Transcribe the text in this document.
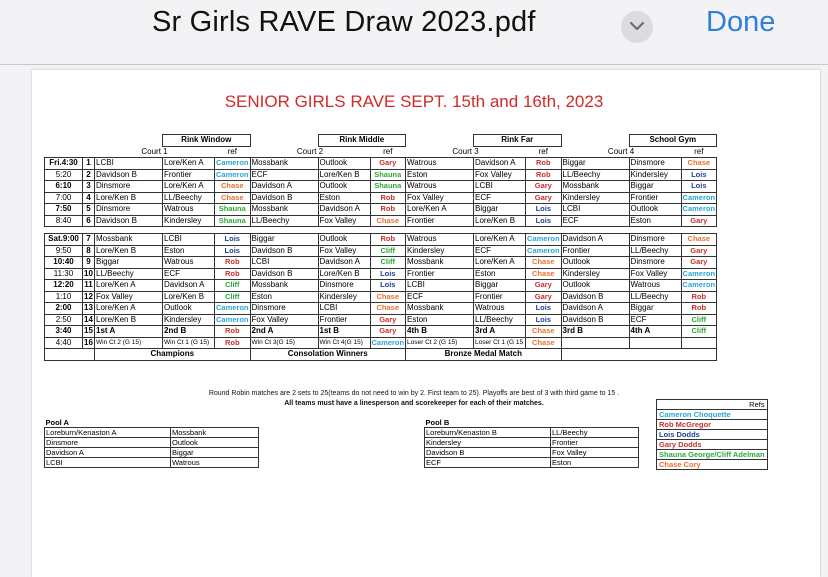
Sr Girls RAVE Draw 2023.pdf	Done
SENIOR GIRLS RAVE SEPT. 15th and 16th, 2023
			Rink Window			Rink Middle			Rink Far			School Gym		
		Court 1		ref	Court 2		ref	Court 3		ref	Court 4		ref	
Fri.4:30	1	LCBI	Lore/Ken A	Cameron	Mossbank	Outlook	Gary	Watrous	Davidson A	Rob	Biggar	Dinsmore	Chase	
5:20	2	Davidson B	Frontier	Cameron	ECF	Lore/Ken B	Shauna	Eston	Fox Valley	Rob	LL/Beechy	Kindersley	Lois	
6:10	3	Dinsmore	Lore/Ken A	Chase	Davidson A	Outlook	Shauna	Watrous	LCBI	Gary	Mossbank	Biggar	Lois	
7:00	4	Lore/Ken B	LL/Beechy	Chase	Davidson B	Eston	Rob	Fox Valley	ECF	Gary	Kindersley	Frontier	Cameron	
7:50	5	Dinsmore	Watrous	Shauna	Mossbank	Davidson A	Rob	Lore/Ken A	Biggar	Lois	LCBI	Outlook	Cameron	
8:40	6	Davidson B	Kindersley	Shauna	LL/Beechy	Fox Valley	Chase	Frontier	Lore/Ken B	Lois	ECF	Eston	Gary	

Sat.9:00	7	Mossbank	LCBI	Lois	Biggar	Outlook	Rob	Watrous	Lore/Ken A	Cameron	Davidson A	Dinsmore	Chase	
9:50	8	Lore/Ken B	Eston	Lois	Davidson B	Fox Valley	Cliff	Kindersley	ECF	Cameron	Frontier	LL/Beechy	Gary	
10:40	9	Biggar	Watrous	Rob	LCBI	Davidson A	Cliff	Mossbank	Lore/Ken A	Chase	Outlook	Dinsmore	Gary	
11:30	10	LL/Beechy	ECF	Rob	Davidson B	Lore/Ken B	Lois	Frontier	Eston	Chase	Kindersley	Fox Valley	Cameron	
12:20	11	Lore/Ken A	Davidson A	Cliff	Mossbank	Dinsmore	Lois	LCBI	Biggar	Gary	Outlook	Watrous	Cameron	
1:10	12	Fox Valley	Lore/Ken B	Cliff	Eston	Kindersley	Chase	ECF	Frontier	Gary	Davidson B	LL/Beechy	Rob	
2:00	13	Lore/Ken A	Outlook	Cameron	Dinsmore	LCBI	Chase	Mossbank	Watrous	Lois	Davidson A	Biggar	Rob	
2:50	14	Lore/Ken B	Kindersley	Cameron	Fox Valley	Frontier	Gary	Eston	LL/Beechy	Lois	Davidson B	ECF	Cliff	
3:40	15	1st A	2nd B	Rob	2nd A	1st B	Gary	4th B	3rd A	Chase	3rd B	4th A	Cliff	
4:40	16	Win Ct 2 (G 15)	Win Ct 1 (G 15)	Rob	Win Ct 3(G 15)	Win Ct 4(G 15)	Cameron	Loser Ct 2 (G 15)	Loser Ct 1 (G 15	Chase				
		Champions			Consolation Winners			Bronze Medal Match						
Round Robin matches are 2 sets to 25(teams do not need to win by 2. First team to 25). Playoffs are best of 3 with third game to 15 .
All teams must have a linesperson and scorekeeper for each of their matches.
Pool A	
Loreburn/Kenaston A	Mossbank
Dinsmore	Outlook
Davidson A	Biggar
LCBI	Watrous
Pool B	
Loreburn/Kenaston B	LL/Beechy
Kindersley	Frontier
Davidson B	Fox Valley
ECF	Eston
Refs
Cameron Choquette
Rob McGregor
Lois Dodds
Gary Dodds
Shauna George/Cliff Adelman
Chase Cory
